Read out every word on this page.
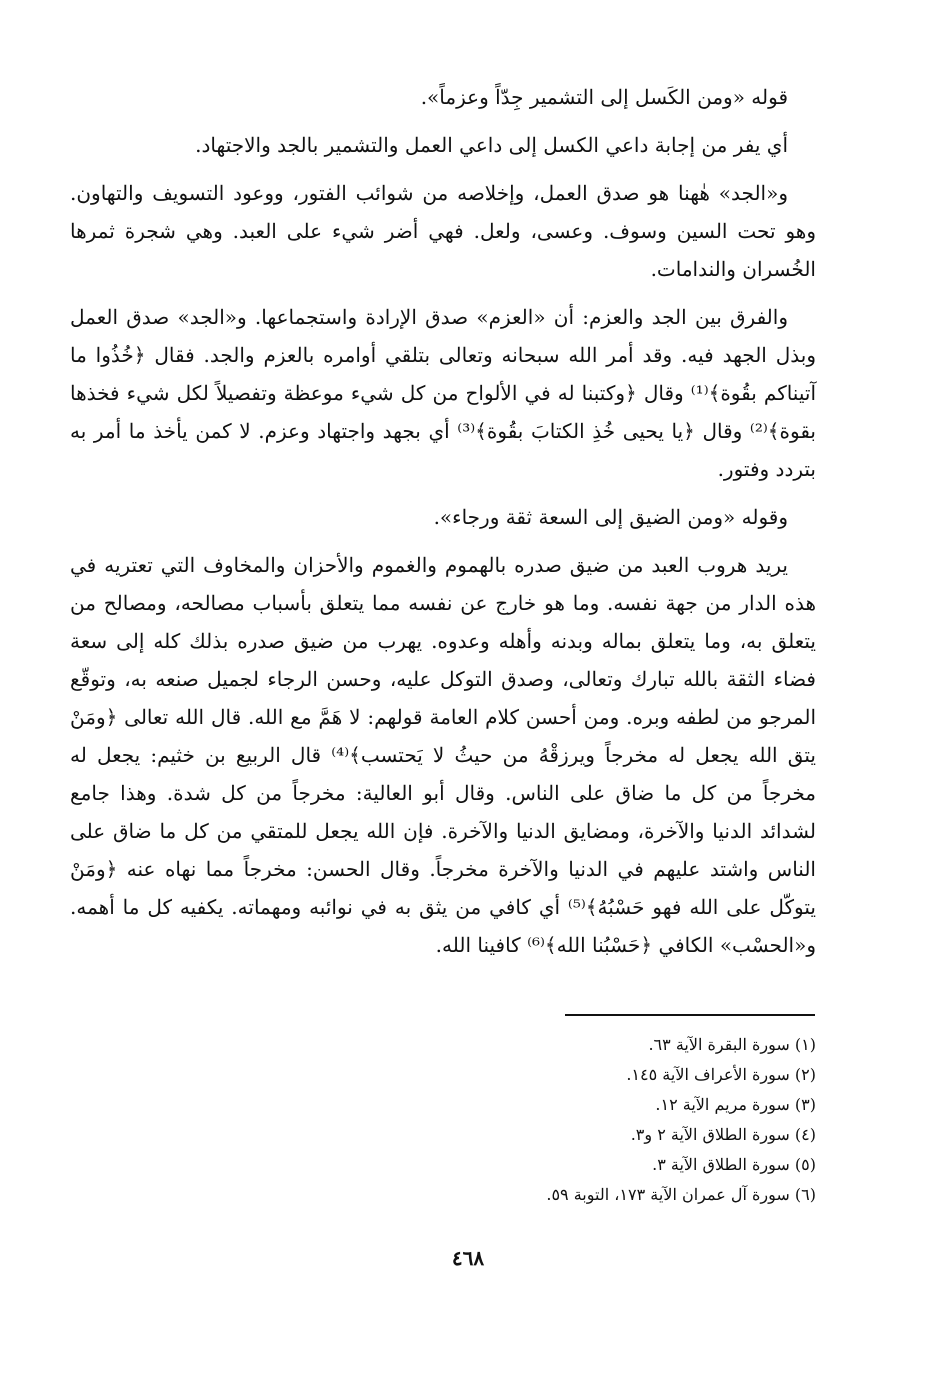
قوله «ومن الكَسل إلى التشمير جِدّاً وعزماً».

أي يفر من إجابة داعي الكسل إلى داعي العمل والتشمير بالجد والاجتهاد.

و«الجد» هٰهنا هو صدق العمل، وإخلاصه من شوائب الفتور، ووعود التسويف والتهاون. وهو تحت السين وسوف. وعسى، ولعل. فهي أضر شيء على العبد. وهي شجرة ثمرها الخُسران والندامات.

والفرق بين الجد والعزم: أن «العزم» صدق الإرادة واستجماعها. و«الجد» صدق العمل وبذل الجهد فيه. وقد أمر الله سبحانه وتعالى بتلقي أوامره بالعزم والجد. فقال ﴿خُذُوا ما آتيناكم بقُوة﴾⁽¹⁾ وقال ﴿وكتبنا له في الألواح من كل شيء موعظة وتفصيلاً لكل شيء فخذها بقوة﴾⁽²⁾ وقال ﴿يا يحيى خُذِ الكتابَ بقُوة﴾⁽³⁾ أي بجهد واجتهاد وعزم. لا كمن يأخذ ما أمر به بتردد وفتور.

وقوله «ومن الضيق إلى السعة ثقة ورجاء».

يريد هروب العبد من ضيق صدره بالهموم والغموم والأحزان والمخاوف التي تعتريه في هذه الدار من جهة نفسه. وما هو خارج عن نفسه مما يتعلق بأسباب مصالحه، ومصالح من يتعلق به، وما يتعلق بماله وبدنه وأهله وعدوه. يهرب من ضيق صدره بذلك كله إلى سعة فضاء الثقة بالله تبارك وتعالى، وصدق التوكل عليه، وحسن الرجاء لجميل صنعه به، وتوقّع المرجو من لطفه وبره. ومن أحسن كلام العامة قولهم: لا هَمَّ مع الله. قال الله تعالى ﴿ومَنْ يتق الله يجعل له مخرجاً ويرزقْهُ من حيثُ لا يَحتسب﴾⁽⁴⁾ قال الربيع بن خثيم: يجعل له مخرجاً من كل ما ضاق على الناس. وقال أبو العالية: مخرجاً من كل شدة. وهذا جامع لشدائد الدنيا والآخرة، ومضايق الدنيا والآخرة. فإن الله يجعل للمتقي من كل ما ضاق على الناس واشتد عليهم في الدنيا والآخرة مخرجاً. وقال الحسن: مخرجاً مما نهاه عنه ﴿ومَنْ يتوكّل على الله فهو حَسْبُهُ﴾⁽⁵⁾ أي كافي من يثق به في نوائبه ومهماته. يكفيه كل ما أهمه. و«الحسْب» الكافي ﴿حَسْبُنا الله﴾⁽⁶⁾ كافينا الله.

(١) سورة البقرة الآية ٦٣.
(٢) سورة الأعراف الآية ١٤٥.
(٣) سورة مريم الآية ١٢.
(٤) سورة الطلاق الآية ٢ و٣.
(٥) سورة الطلاق الآية ٣.
(٦) سورة آل عمران الآية ١٧٣، التوبة ٥٩.
٤٦٨
